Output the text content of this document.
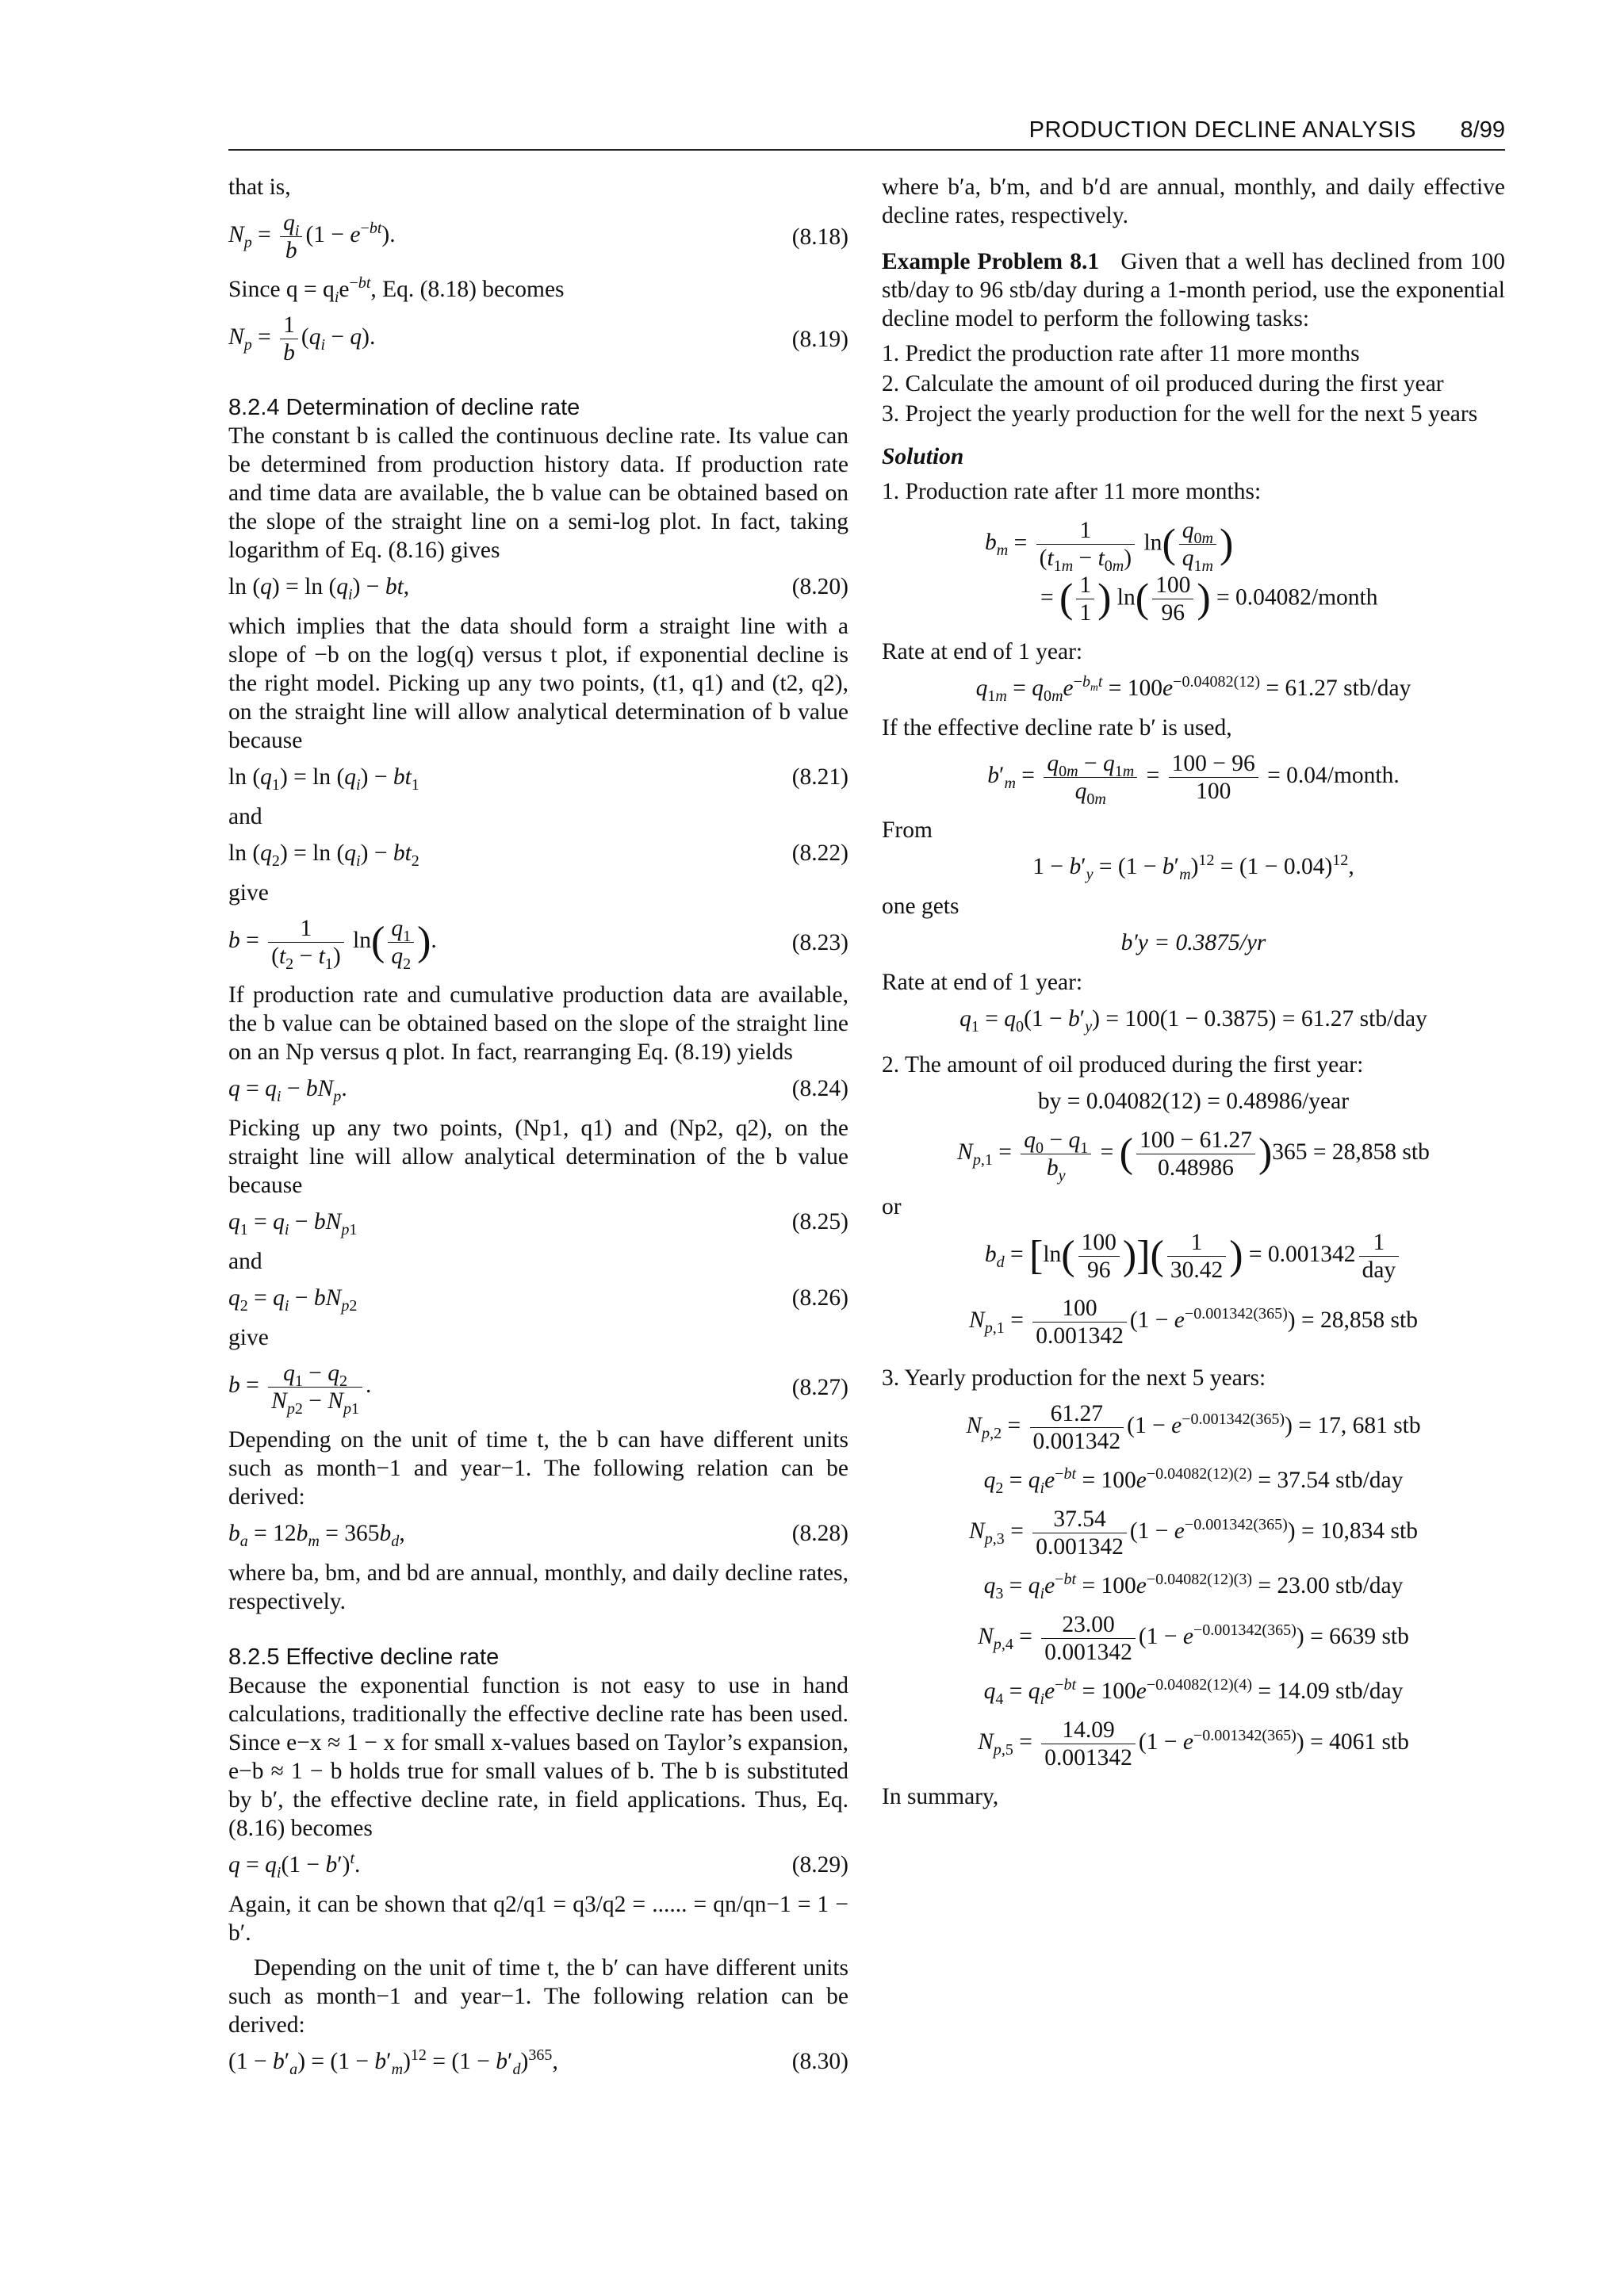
PRODUCTION DECLINE ANALYSIS 8/99

that is,

$N_p = \frac{q_i}{b} (1 - e^{-bt})$.	(8.18)

Since $q = q_ie^{-bt}$, Eq. (8.18) becomes

$N_p = \frac{1}{b} (q_i - q)$.	(8.19)
8.2.4 Determination of decline rate

The constant b is called the continuous decline rate. Its value can be determined from production history data. If production rate and time data are available, the b value can be obtained based on the slope of the straight line on a semi-log plot. In fact, taking logarithm of Eq. (8.16) gives

$\ln (q) = \ln (q_i)$ − bt,	(8.20)

which implies that the data should form a straight line with a slope of −b on the log(q) versus t plot, if exponential decline is the right model. Picking up any two points, (t1, q1) and (t2, q2), on the straight line will allow analytical determination of b value because

$\ln (q_1) = \ln (q_i) - bt_1$	(8.21)

and

$\ln (q_2) = \ln (q_i) - bt_2$	(8.22)

give

$b = \frac{1}{(t_2 - t_1)} \ln( \frac{q_1}{q_2}$ ).	(8.23)

If production rate and cumulative production data are available, the b value can be obtained based on the slope of the straight line on an Np versus q plot. In fact, rearranging Eq. (8.19) yields

$q = q_i - bN_p$.	(8.24)

Picking up any two points, (Np1, q1) and (Np2, q2), on the straight line will allow analytical determination of the b value because

$q_1 = q_i - bN_{p1}$	(8.25)

and

$q_2 = q_i - bN_{p2}$	(8.26)

give

$b = \frac{q_1 - q_2}{N_{p2} - N_{p1}}$ .	(8.27)

Depending on the unit of time t, the b can have different units such as month−1 and year−1. The following relation can be derived:

$b_a = 12b_m = 365b_d$,	(8.28)

where ba, bm, and bd are annual, monthly, and daily decline rates, respectively.

8.2.5 Effective decline rate

Because the exponential function is not easy to use in hand calculations, traditionally the effective decline rate has been used. Since e−x ≈ 1 − x for small x-values based on Taylor’s expansion, e−b ≈ 1 − b holds true for small values of b. The b is substituted by b′, the effective decline rate, in field applications. Thus, Eq. (8.16) becomes

$q = q_i(1 - b')^t$.	(8.29)

Again, it can be shown that q2/q1 = q3/q2 = ...... = qn/qn−1 = 1 − b′.

Depending on the unit of time t, the b′ can have different units such as month−1 and year−1. The following relation can be derived:

$(1 - b'_a) = (1 - b'_m)^{12} = (1 - b'_d)^{365}$,	(8.30)

where b′a, b′m, and b′d are annual, monthly, and daily effective decline rates, respectively.

Example Problem 8.1 Given that a well has declined from 100 stb/day to 96 stb/day during a 1-month period, use the exponential decline model to perform the following tasks:

1. Predict the production rate after 11 more months
2. Calculate the amount of oil produced during the first year
3. Project the yearly production for the well for the next 5 years
Solution

1. Production rate after 11 more months:

$b_m = \frac{1}{(t_{1m} - t_{0m})} \ln( \frac{q_{0m}}{q_{1m}}$ )
= ( $\frac{1}{1}$ ) $\ln( \frac{100}{96}$ ) = 0.04082/month

Rate at end of 1 year:

$q_{1m} = q_{0m}e^{-b_mt} = 100e^{-0.04082(12)} = 61.27$ stb/day

If the effective decline rate b′ is used,

$b'_m = \frac{q_{0m} - q_{1m}}{q_{0m}} = \frac{100 - 96}{100}$ = 0.04/month.

From

$1 - b'_y = (1 - b'_m)^{12} = (1 - 0.04)^{12}$,

one gets

b′y = 0.3875/yr

Rate at end of 1 year:

$q_1 = q_0(1 - b'_y) = 100(1 - 0.3875) = 61.27$ stb/day

2. The amount of oil produced during the first year:

by = 0.04082(12) = 0.48986/year
$N_{p,1} = \frac{q_0 - q_1}{b_y}$ = ( $\frac{100 - 61.27}{0.48986} )365 = 28,858$ stb

or

$b_d = [\ln( \frac{100}{96}$ )]( $\frac{1}{30.42}$ ) = $0.001342 \frac{1}{\text{day}}$
$N_{p,1} = \frac{100}{0.001342} (1 - e^{-0.001342(365)}) = 28,858$ stb

3. Yearly production for the next 5 years:

$N_{p,2} = \frac{61.27}{0.001342} (1 - e^{-0.001342(365)}) = 17$, 681 stb
$q_2 = q_ie^{-bt} = 100e^{-0.04082(12)(2)} = 37.54$ stb/day
$N_{p,3} = \frac{37.54}{0.001342} (1 - e^{-0.001342(365)}) = 10,834$ stb
$q_3 = q_ie^{-bt} = 100e^{-0.04082(12)(3)} = 23.00$ stb/day
$N_{p,4} = \frac{23.00}{0.001342} (1 - e^{-0.001342(365)}) = 6639$ stb
$q_4 = q_ie^{-bt} = 100e^{-0.04082(12)(4)} = 14.09$ stb/day
$N_{p,5} = \frac{14.09}{0.001342} (1 - e^{-0.001342(365)}) = 4061$ stb

In summary,
